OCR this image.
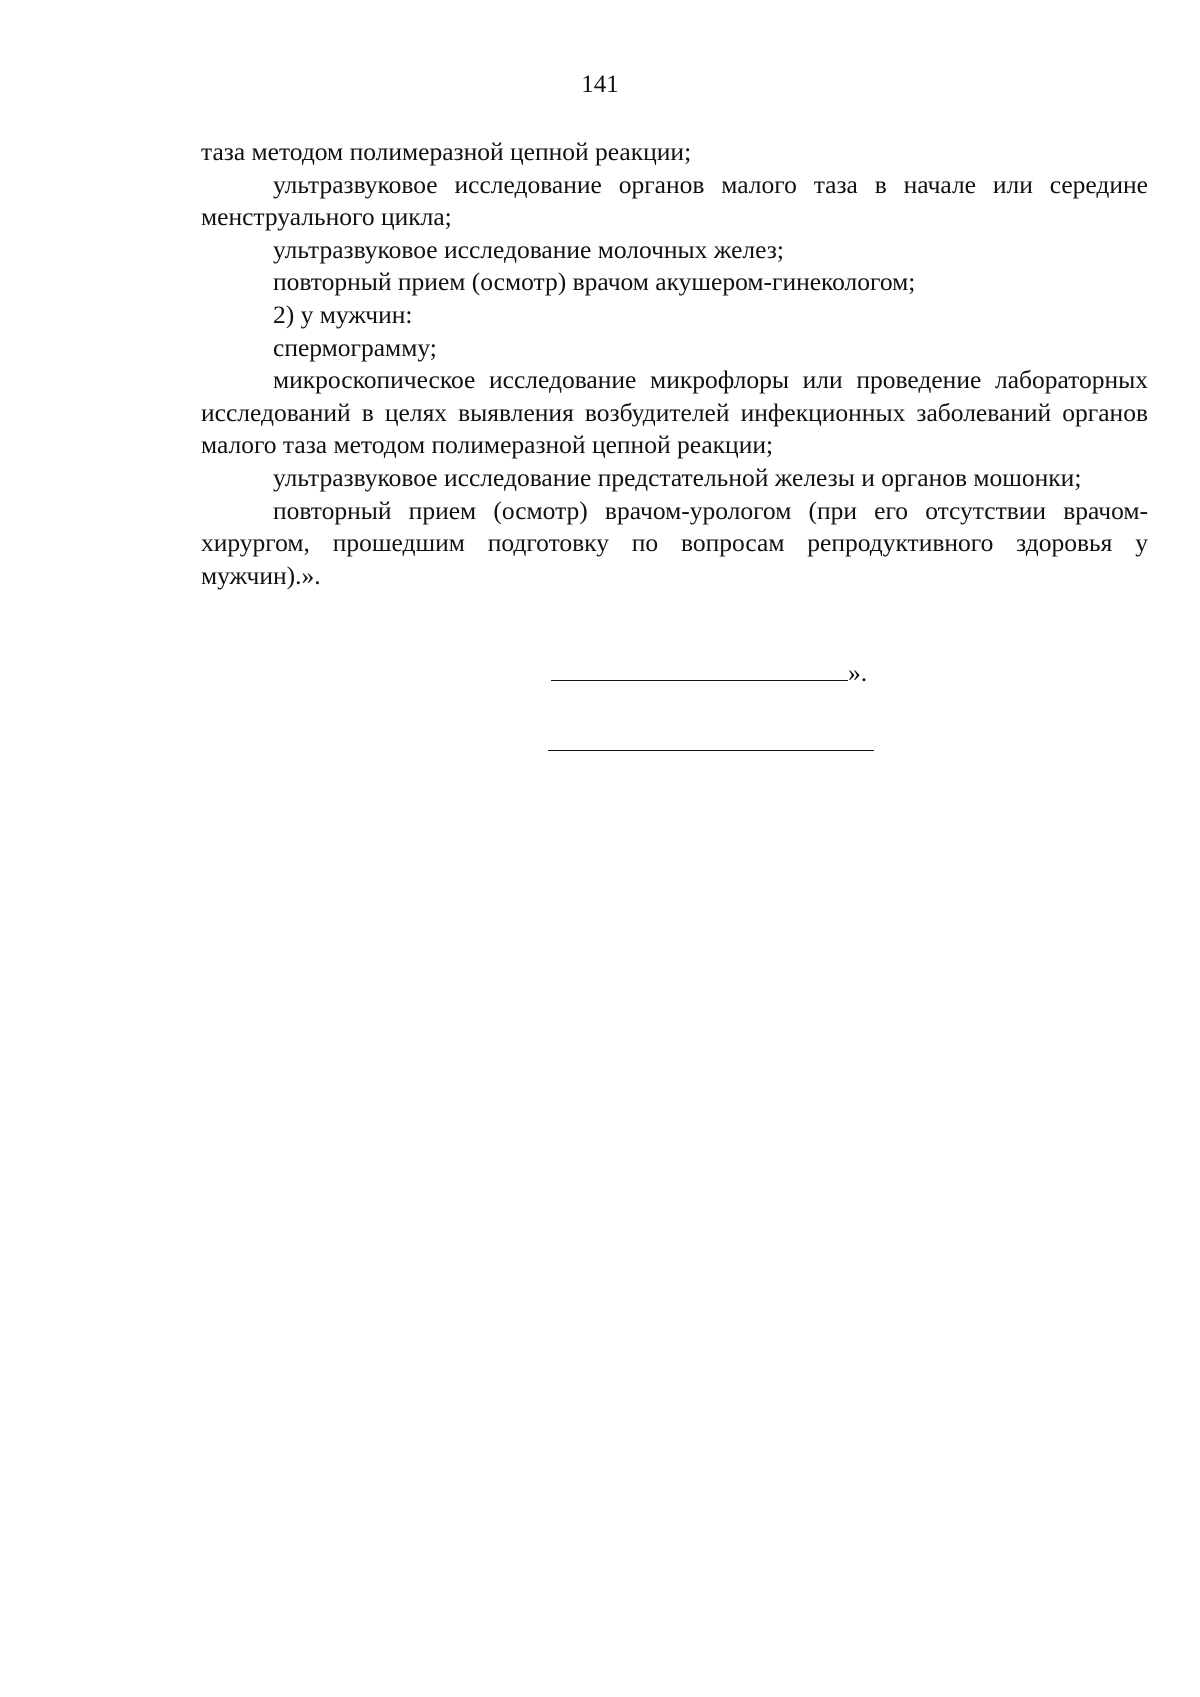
141

таза методом полимеразной цепной реакции;

ультразвуковое исследование органов малого таза в начале или середине менструального цикла;

ультразвуковое исследование молочных желез;

повторный прием (осмотр) врачом акушером-гинекологом;

2) у мужчин:

спермограмму;

микроскопическое исследование микрофлоры или проведение лабораторных исследований в целях выявления возбудителей инфекционных заболеваний органов малого таза методом полимеразной цепной реакции;

ультразвуковое исследование предстательной железы и органов мошонки;

повторный прием (осмотр) врачом-урологом (при его отсутствии врачом-хирургом, прошедшим подготовку по вопросам репродуктивного здоровья у мужчин).».

».
